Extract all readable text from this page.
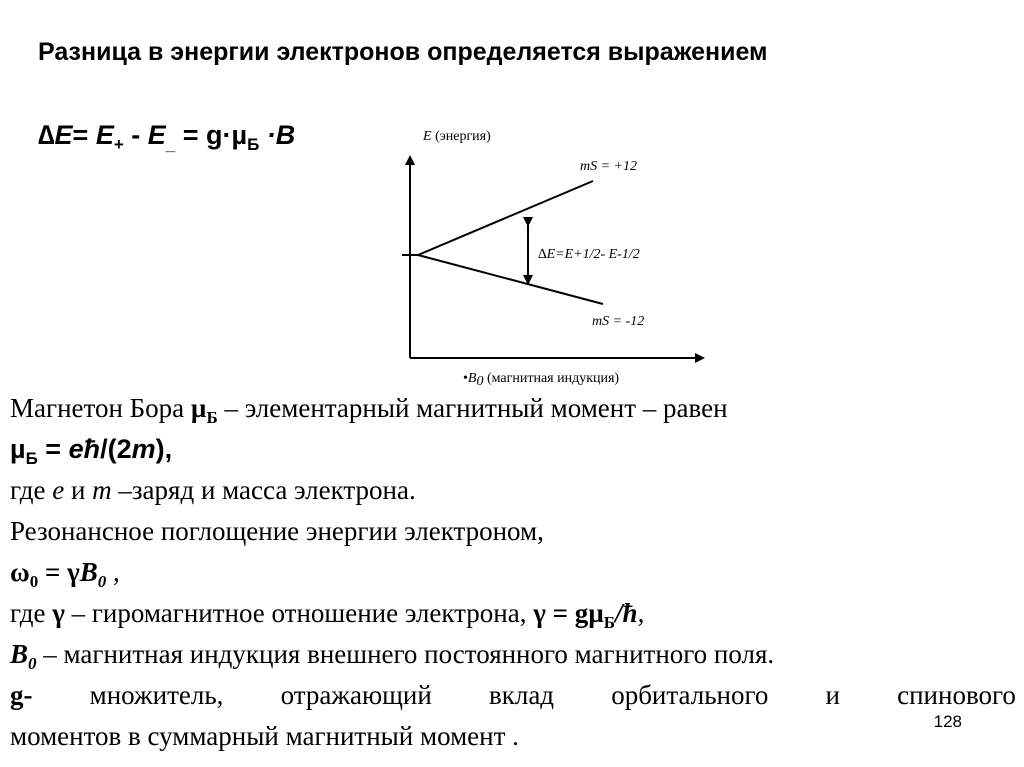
Разница в энергии электронов определяется выражением
$\Delta E= E_+ - E_{\_} = g\cdot\mu_Б \cdot B$	E (энергия)
mS = +12
∆E=E+1/2- E-1/2
mS = -12
•B0 (магнитная индукция)
Магнетон Бора µ$_Б$ – элементарный магнитный момент – равен
µ$_Б$ = eħ/(2m),
где e и m –заряд и масса электрона.
Резонансное поглощение энергии электроном,
$\omega_0 = \gamma B_0$ ,
где γ – гиромагнитное отношение электрона, γ = gµ$_Б$/ħ,
$B_0$ – магнитная индукция внешнего постоянного магнитного поля.
g- множитель, отражающий вклад орбитального и спинового
моментов в суммарный магнитный момент .	128
